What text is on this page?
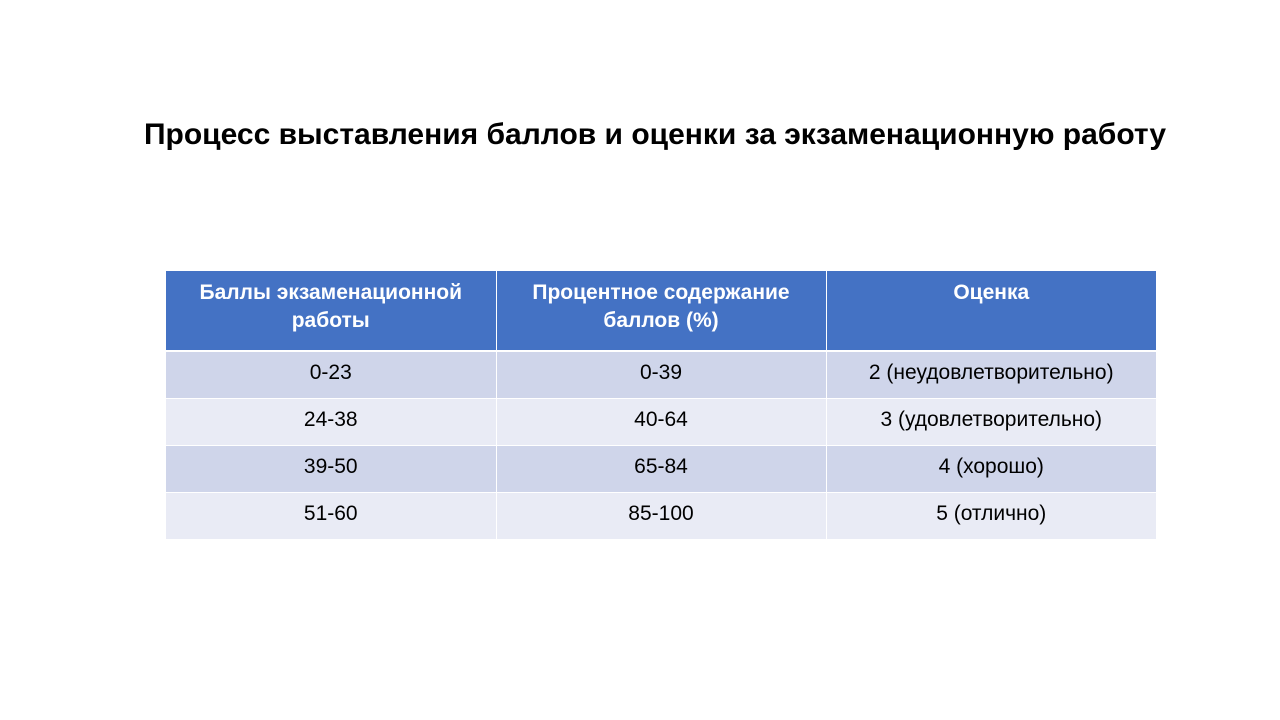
Процесс выставления баллов и оценки за экзаменационную работу
Баллы экзаменационной работы	Процентное содержание баллов (%)	Оценка
0-23	0-39	2 (неудовлетворительно)
24-38	40-64	3 (удовлетворительно)
39-50	65-84	4 (хорошо)
51-60	85-100	5 (отлично)
